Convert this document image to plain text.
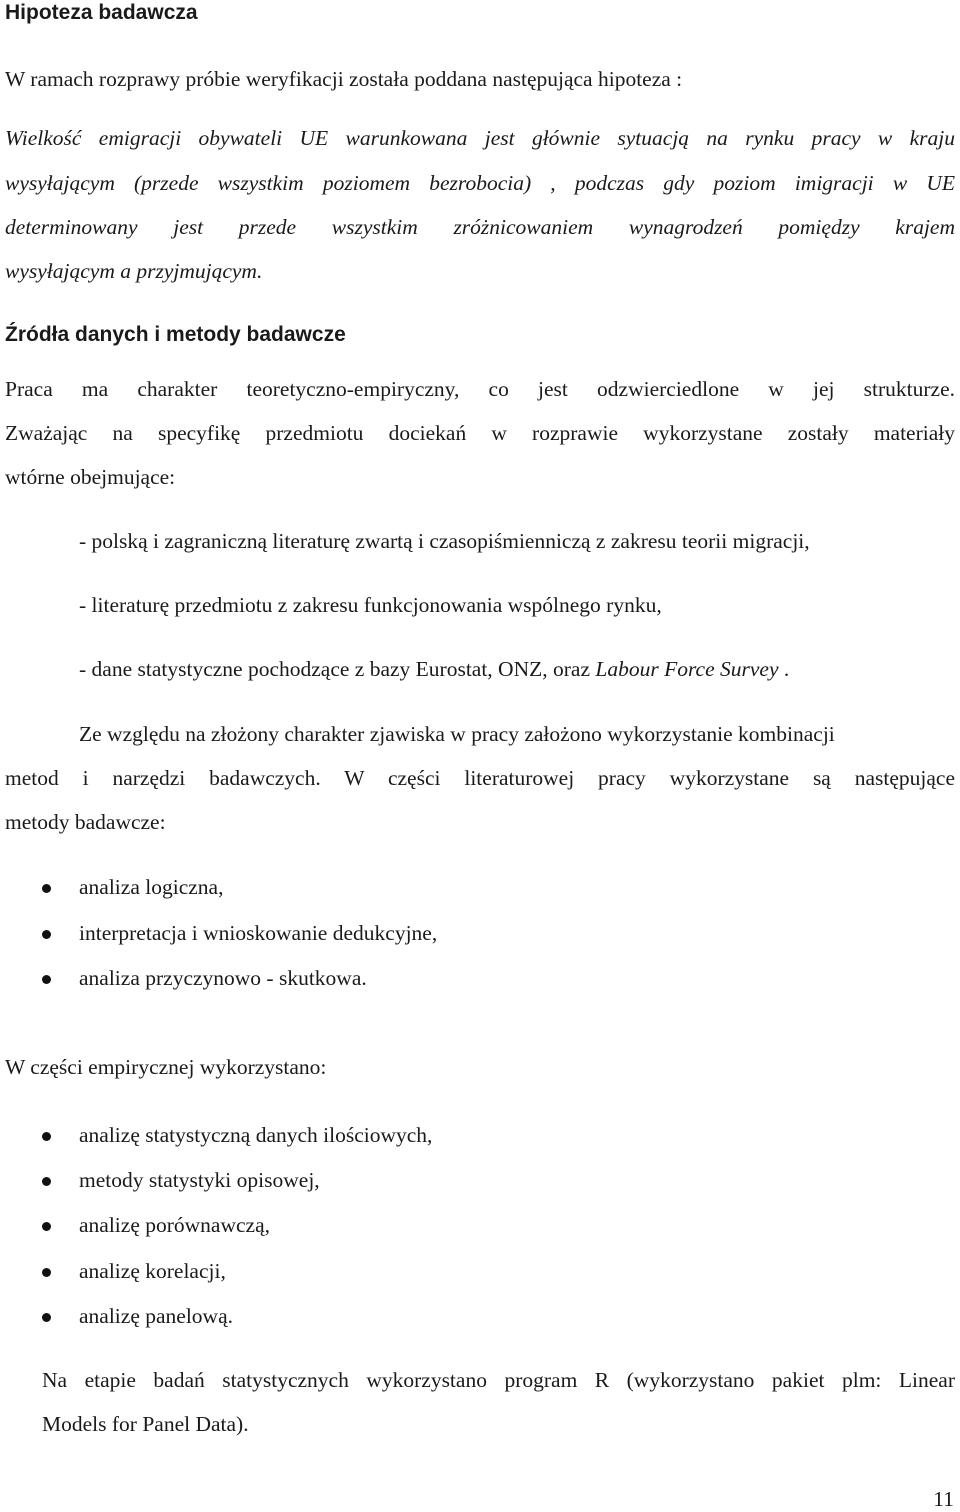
Hipoteza badawcza
W ramach rozprawy próbie weryfikacji została poddana następująca hipoteza :
Wielkość emigracji obywateli UE warunkowana jest głównie sytuacją na rynku pracy w kraju
wysyłającym (przede wszystkim poziomem bezrobocia) , podczas gdy poziom imigracji w UE
determinowany jest przede wszystkim zróżnicowaniem wynagrodzeń pomiędzy krajem
wysyłającym a przyjmującym.
Źródła danych i metody badawcze
Praca ma charakter teoretyczno-empiryczny, co jest odzwierciedlone w jej strukturze.
Zważając na specyfikę przedmiotu dociekań w rozprawie wykorzystane zostały materiały
wtórne obejmujące:
- polską i zagraniczną literaturę zwartą i czasopiśmienniczą z zakresu teorii migracji,
- literaturę przedmiotu z zakresu funkcjonowania wspólnego rynku,
- dane statystyczne pochodzące z bazy Eurostat, ONZ, oraz Labour Force Survey .
Ze względu na złożony charakter zjawiska w pracy założono wykorzystanie kombinacji
metod i narzędzi badawczych. W części literaturowej pracy wykorzystane są następujące
metody badawcze:
analiza logiczna,
interpretacja i wnioskowanie dedukcyjne,
analiza przyczynowo - skutkowa.
W części empirycznej wykorzystano:
analizę statystyczną danych ilościowych,
metody statystyki opisowej,
analizę porównawczą,
analizę korelacji,
analizę panelową.
Na etapie badań statystycznych wykorzystano program R (wykorzystano pakiet plm: Linear
Models for Panel Data).
11
